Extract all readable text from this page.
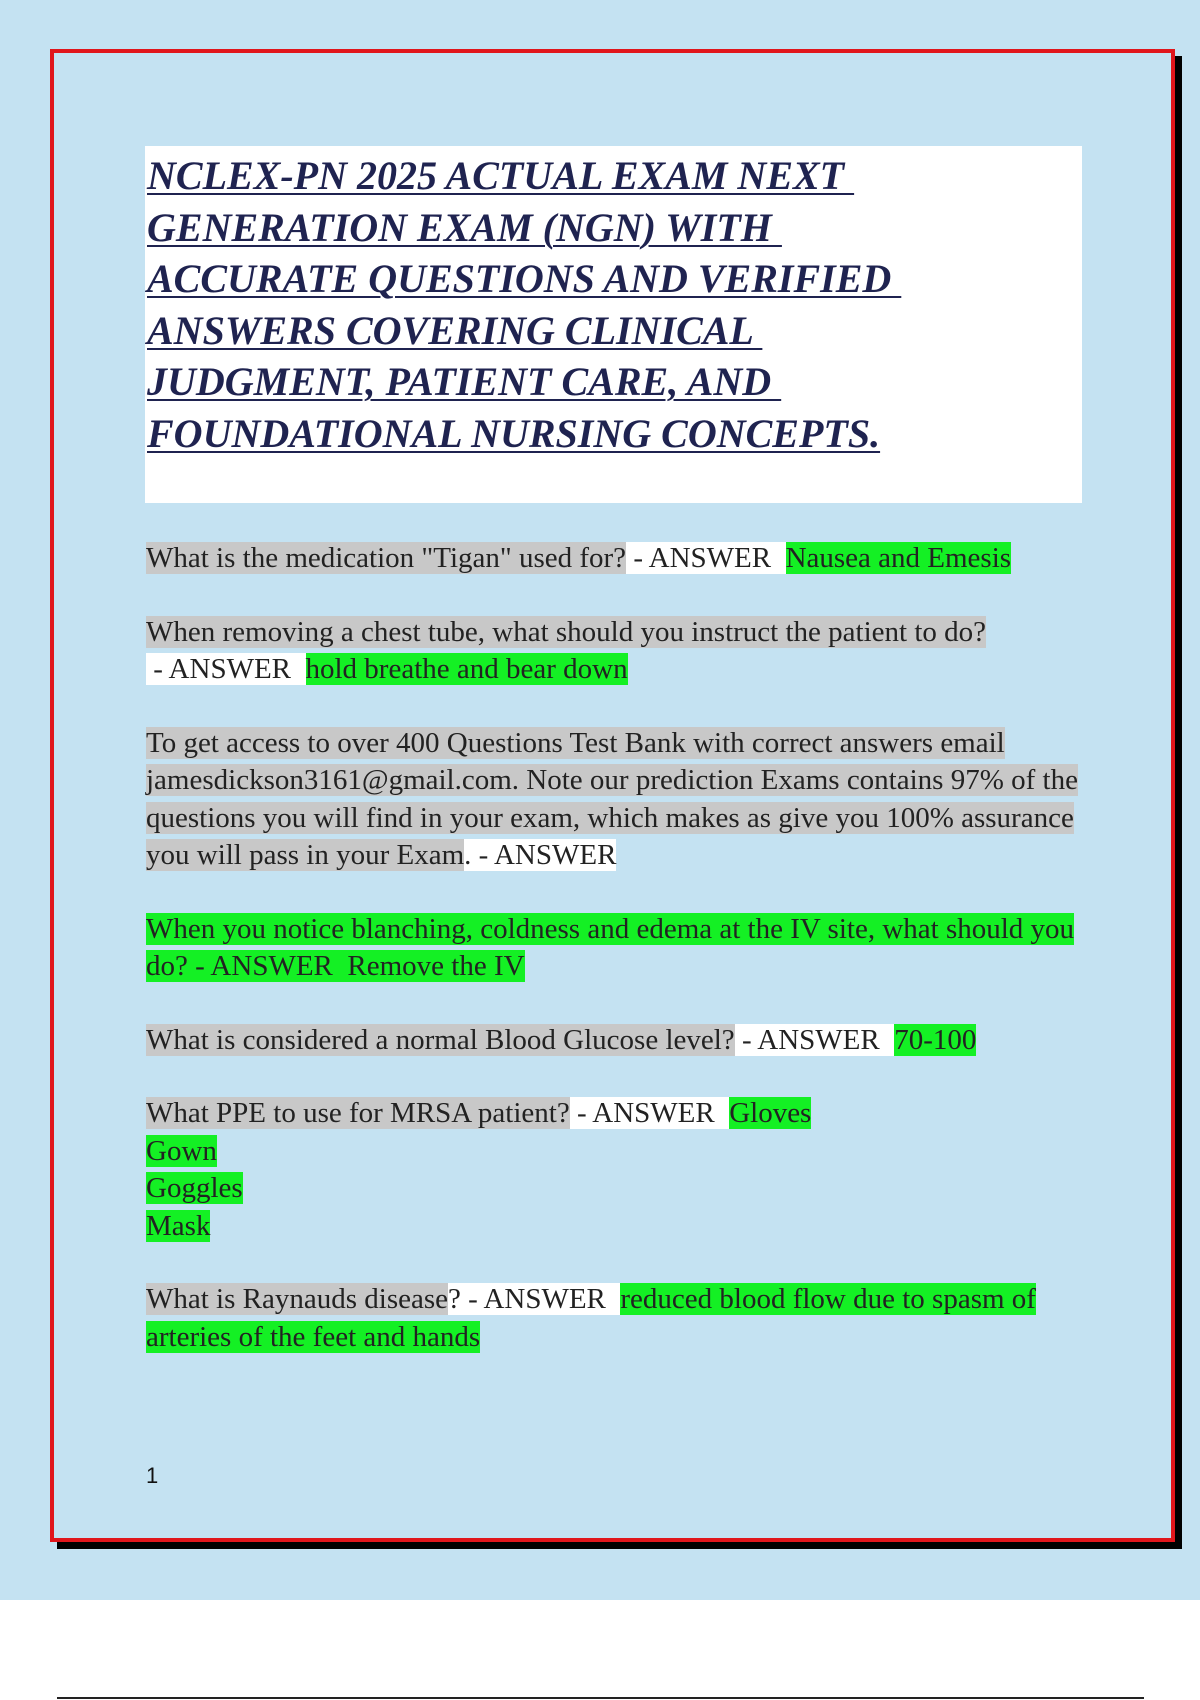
NCLEX-PN 2025 ACTUAL EXAM NEXT
GENERATION EXAM (NGN) WITH
ACCURATE QUESTIONS AND VERIFIED
ANSWERS COVERING CLINICAL
JUDGMENT, PATIENT CARE, AND
FOUNDATIONAL NURSING CONCEPTS.

What is the medication "Tigan" used for? - ANSWER  Nausea and Emesis

When removing a chest tube, what should you instruct the patient to do? - ANSWER  hold breathe and bear down

To get access to over 400 Questions Test Bank with correct answers email jamesdickson3161@gmail.com. Note our prediction Exams contains 97% of the questions you will find in your exam, which makes as give you 100% assurance you will pass in your Exam. - ANSWER

When you notice blanching, coldness and edema at the IV site, what should you do? - ANSWER  Remove the IV

What is considered a normal Blood Glucose level? - ANSWER  70-100

What PPE to use for MRSA patient? - ANSWER  Gloves
Gown
Goggles
Mask

What is Raynauds disease? - ANSWER  reduced blood flow due to spasm of arteries of the feet and hands

1
